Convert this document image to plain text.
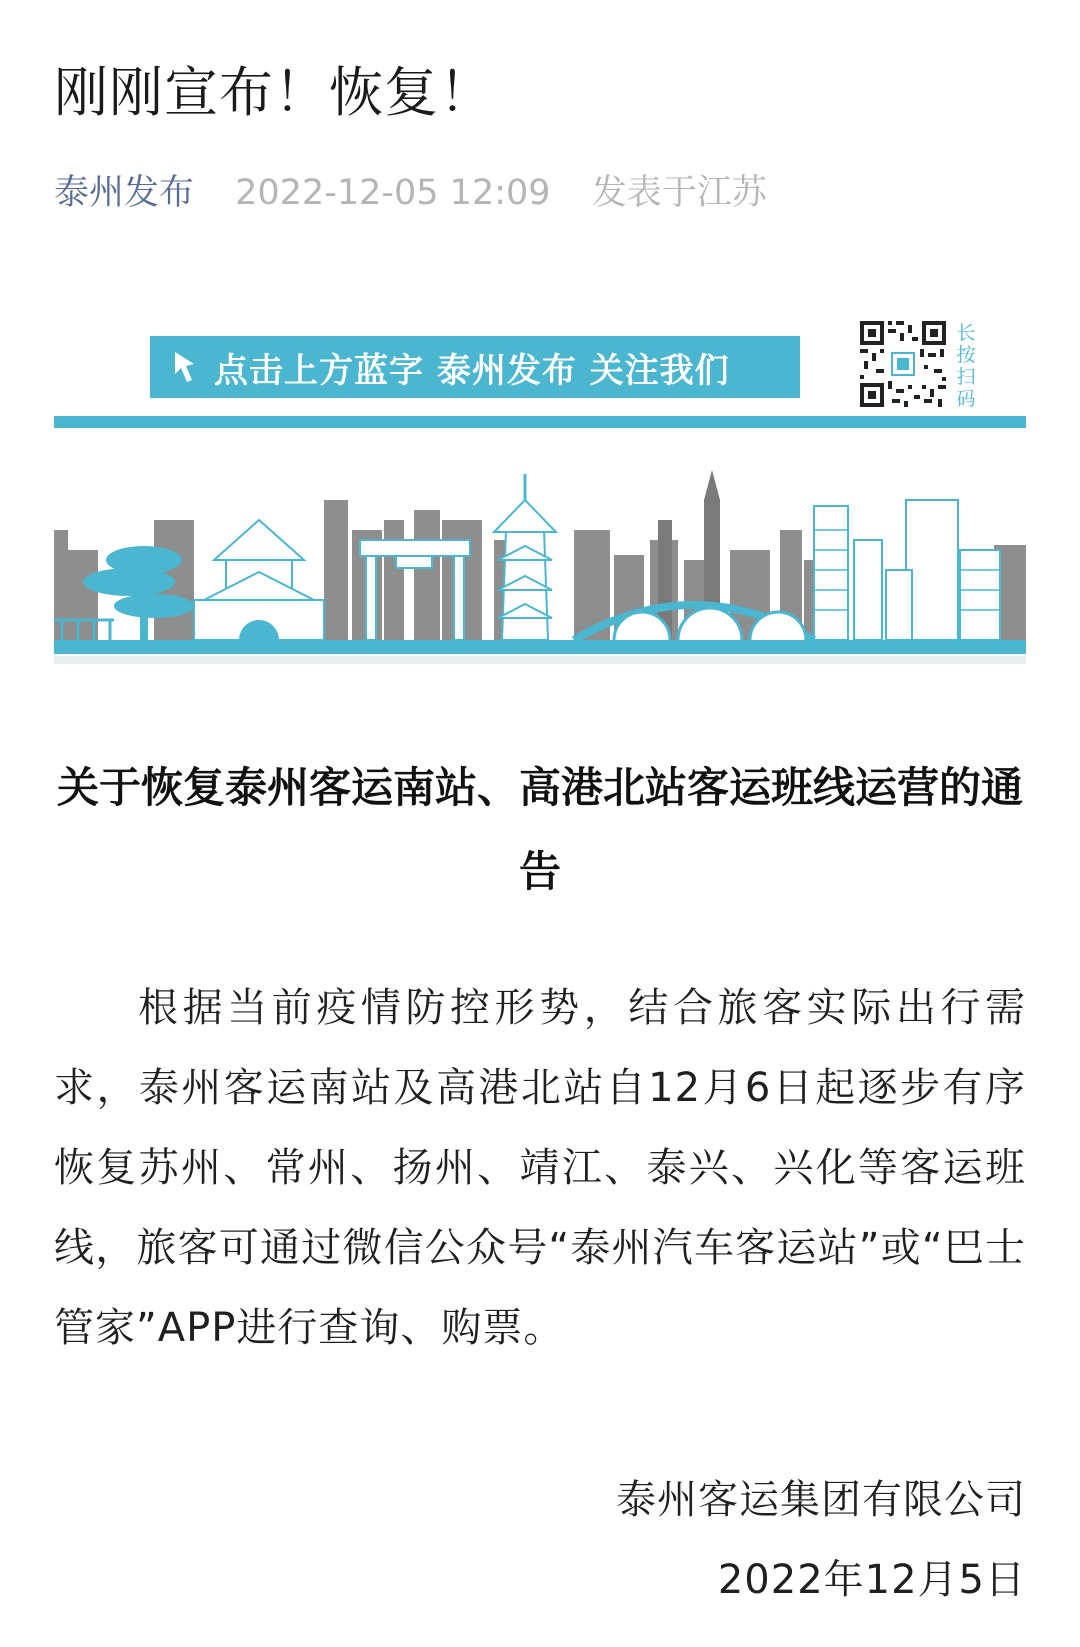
刚刚宣布！恢复！
泰州发布 2022-12-05 12:09 发表于江苏
点击上方蓝字 泰州发布 关注我们
长按扫码
关于恢复泰州客运南站、高港北站客运班线运营的通告

根据当前疫情防控形势，结合旅客实际出行需求，泰州客运南站及高港北站自12月6日起逐步有序恢复苏州、常州、扬州、靖江、泰兴、兴化等客运班线，旅客可通过微信公众号“泰州汽车客运站”或“巴士管家”APP进行查询、购票。

泰州客运集团有限公司
2022年12月5日
